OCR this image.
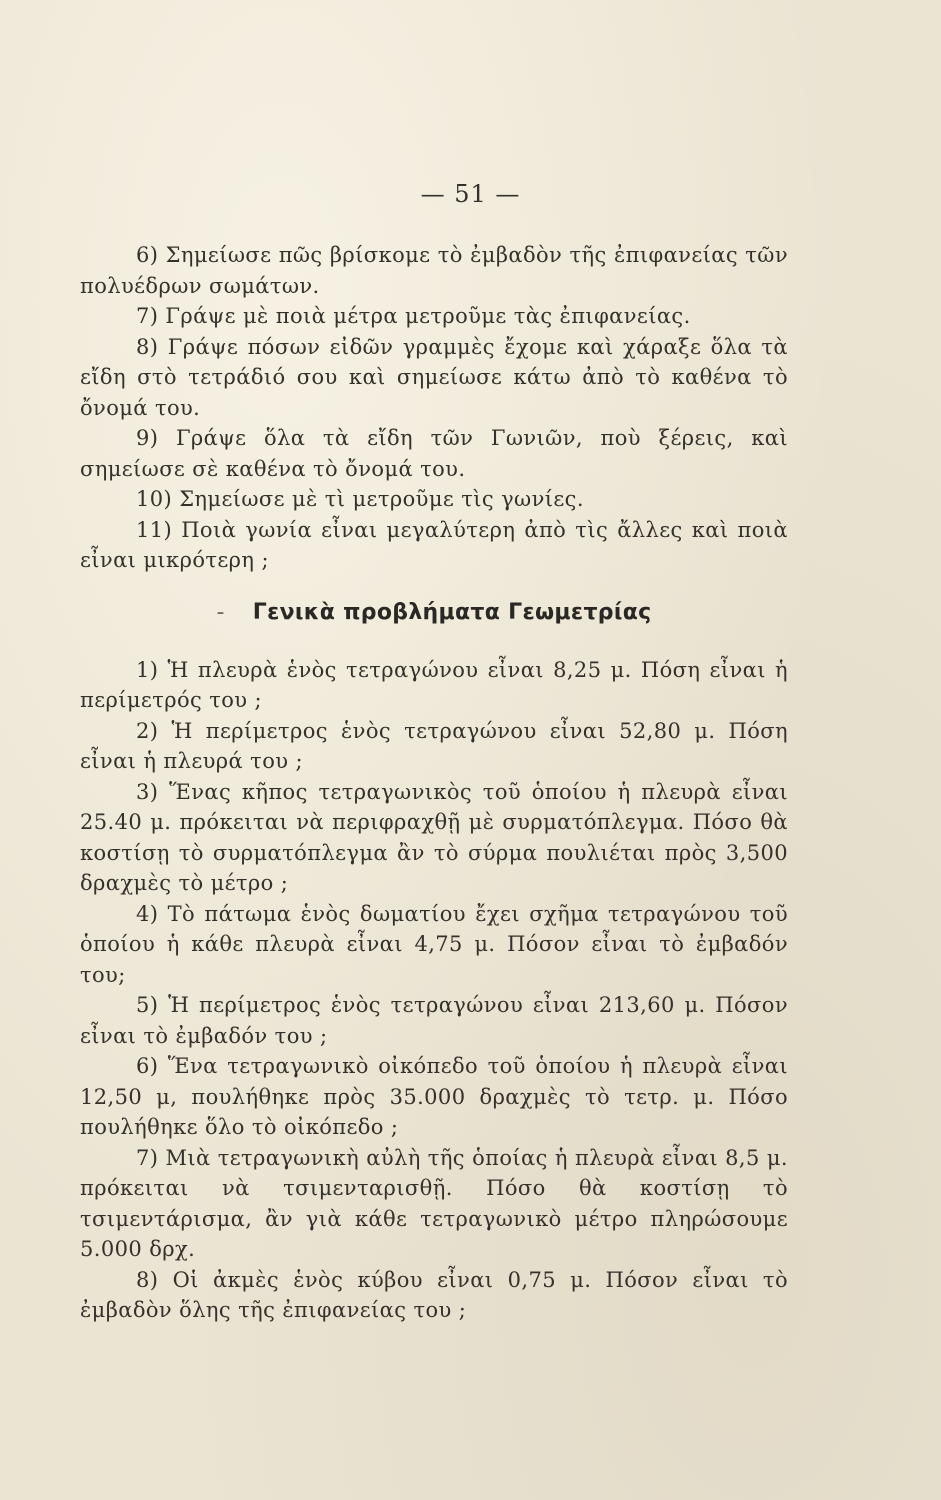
— 51 —

6) Σημείωσε πῶς βρίσκομε τὸ ἐμβαδὸν τῆς ἐπιφανείας τῶν πολυέδρων σωμάτων.

7) Γράψε μὲ ποιὰ μέτρα μετροῦμε τὰς ἐπιφανείας.

8) Γράψε πόσων εἰδῶν γραμμὲς ἔχομε καὶ χάραξε ὅλα τὰ εἴδη στὸ τετράδιό σου καὶ σημείωσε κάτω ἀπὸ τὸ καθένα τὸ ὄνομά του.

9) Γράψε ὅλα τὰ εἴδη τῶν Γωνιῶν, ποὺ ξέρεις, καὶ σημείωσε σὲ καθένα τὸ ὄνομά του.

10) Σημείωσε μὲ τὶ μετροῦμε τὶς γωνίες.

11) Ποιὰ γωνία εἶναι μεγαλύτερη ἀπὸ τὶς ἄλλες καὶ ποιὰ εἶναι μικρότερη ;

- Γενικὰ προβλήματα Γεωμετρίας

1) Ἡ πλευρὰ ἑνὸς τετραγώνου εἶναι 8,25 μ. Πόση εἶναι ἡ περίμετρός του ;

2) Ἡ περίμετρος ἑνὸς τετραγώνου εἶναι 52,80 μ. Πόση εἶναι ἡ πλευρά του ;

3) Ἕνας κῆπος τετραγωνικὸς τοῦ ὁποίου ἡ πλευρὰ εἶναι 25.40 μ. πρόκειται νὰ περιφραχθῇ μὲ συρματόπλεγμα. Πόσο θὰ κοστίσῃ τὸ συρματόπλεγμα ἂν τὸ σύρμα πουλιέται πρὸς 3,500 δραχμὲς τὸ μέτρο ;

4) Τὸ πάτωμα ἑνὸς δωματίου ἔχει σχῆμα τετραγώνου τοῦ ὁποίου ἡ κάθε πλευρὰ εἶναι 4,75 μ. Πόσον εἶναι τὸ ἐμβαδόν του;

5) Ἡ περίμετρος ἑνὸς τετραγώνου εἶναι 213,60 μ. Πόσον εἶναι τὸ ἐμβαδόν του ;

6) Ἕνα τετραγωνικὸ οἰκόπεδο τοῦ ὁποίου ἡ πλευρὰ εἶναι 12,50 μ, πουλήθηκε πρὸς 35.000 δραχμὲς τὸ τετρ. μ. Πόσο πουλήθηκε ὅλο τὸ οἰκόπεδο ;

7) Μιὰ τετραγωνικὴ αὐλὴ τῆς ὁποίας ἡ πλευρὰ εἶναι 8,5 μ. πρόκειται νὰ τσιμενταρισθῇ. Πόσο θὰ κοστίσῃ τὸ τσιμεντάρισμα, ἂν γιὰ κάθε τετραγωνικὸ μέτρο πληρώσουμε 5.000 δρχ.

8) Οἱ ἀκμὲς ἑνὸς κύβου εἶναι 0,75 μ. Πόσον εἶναι τὸ ἐμβαδὸν ὅλης τῆς ἐπιφανείας του ;
